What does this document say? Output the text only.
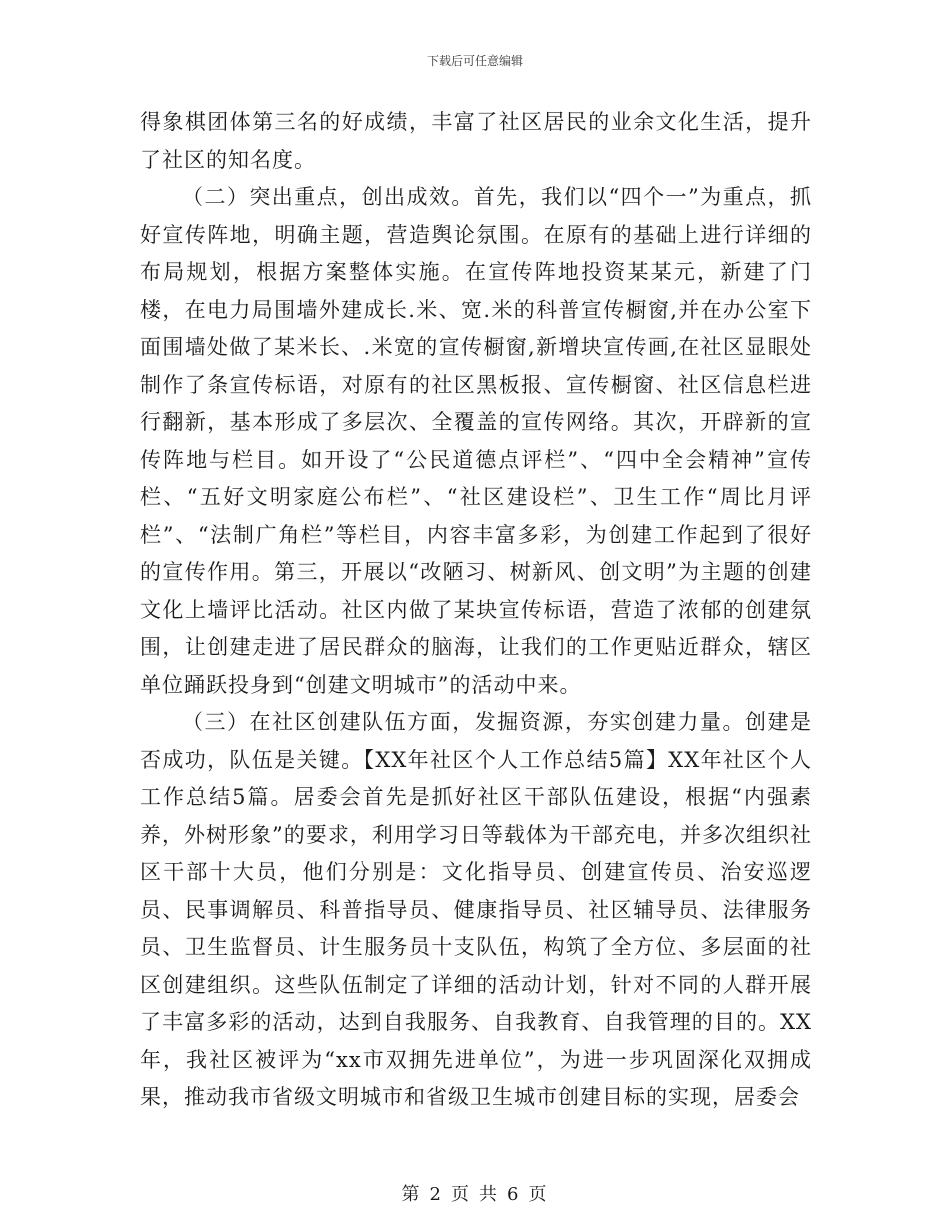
下载后可任意编辑

得象棋团体第三名的好成绩，丰富了社区居民的业余文化生活，提升了社区的知名度。

（二）突出重点，创出成效。首先，我们以“四个一”为重点，抓好宣传阵地，明确主题，营造舆论氛围。在原有的基础上进行详细的布局规划，根据方案整体实施。在宣传阵地投资某某元，新建了门楼，在电力局围墙外建成长.米、宽.米的科普宣传橱窗,并在办公室下面围墙处做了某米长、.米宽的宣传橱窗,新增块宣传画,在社区显眼处制作了条宣传标语，对原有的社区黑板报、宣传橱窗、社区信息栏进行翻新，基本形成了多层次、全覆盖的宣传网络。其次，开辟新的宣传阵地与栏目。如开设了“公民道德点评栏”、“四中全会精神”宣传栏、“五好文明家庭公布栏”、“社区建设栏”、卫生工作“周比月评栏”、“法制广角栏”等栏目，内容丰富多彩，为创建工作起到了很好的宣传作用。第三，开展以“改陋习、树新风、创文明”为主题的创建文化上墙评比活动。社区内做了某块宣传标语，营造了浓郁的创建氛围，让创建走进了居民群众的脑海，让我们的工作更贴近群众，辖区单位踊跃投身到“创建文明城市”的活动中来。

（三）在社区创建队伍方面，发掘资源，夯实创建力量。创建是否成功，队伍是关键。【XX年社区个人工作总结5篇】XX年社区个人工作总结5篇。居委会首先是抓好社区干部队伍建设，根据“内强素养，外树形象”的要求，利用学习日等载体为干部充电，并多次组织社区干部十大员，他们分别是：文化指导员、创建宣传员、治安巡逻员、民事调解员、科普指导员、健康指导员、社区辅导员、法律服务员、卫生监督员、计生服务员十支队伍，构筑了全方位、多层面的社区创建组织。这些队伍制定了详细的活动计划，针对不同的人群开展了丰富多彩的活动，达到自我服务、自我教育、自我管理的目的。XX年，我社区被评为“xx市双拥先进单位”，为进一步巩固深化双拥成果，推动我市省级文明城市和省级卫生城市创建目标的实现，居委会

第 2 页 共 6 页
